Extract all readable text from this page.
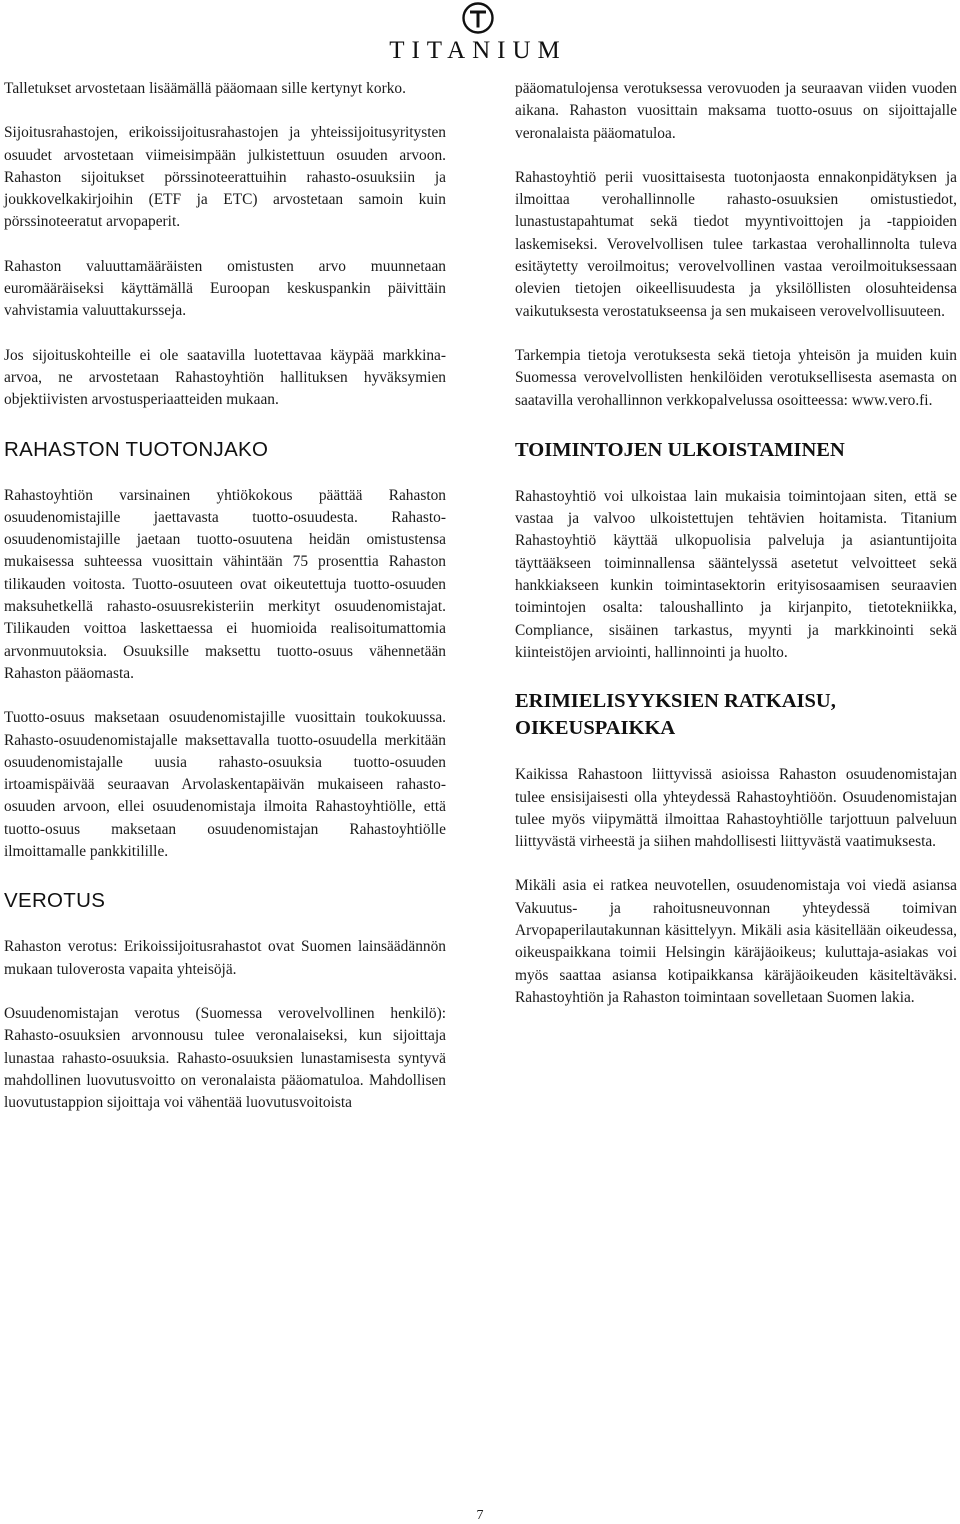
TITANIUM

Talletukset arvostetaan lisäämällä pääomaan sille kertynyt korko.

Sijoitusrahastojen, erikoissijoitusrahastojen ja yhteissijoitusyritysten osuudet arvostetaan viimeisimpään julkistettuun osuuden arvoon. Rahaston sijoitukset pörssinoteerattuihin rahasto-osuuksiin ja joukkovelkakirjoihin (ETF ja ETC) arvostetaan samoin kuin pörssinoteeratut arvopaperit.

Rahaston valuuttamääräisten omistusten arvo muunnetaan euromääräiseksi käyttämällä Euroopan keskuspankin päivittäin vahvistamia valuuttakursseja.

Jos sijoituskohteille ei ole saatavilla luotettavaa käypää markkina-arvoa, ne arvostetaan Rahastoyhtiön hallituksen hyväksymien objektiivisten arvostusperiaatteiden mukaan.

RAHASTON TUOTONJAKO

Rahastoyhtiön varsinainen yhtiökokous päättää Rahaston osuudenomistajille jaettavasta tuotto-osuudesta. Rahasto-osuudenomistajille jaetaan tuotto-osuutena heidän omistustensa mukaisessa suhteessa vuosittain vähintään 75 prosenttia Rahaston tilikauden voitosta. Tuotto-osuuteen ovat oikeutettuja tuotto-osuuden maksuhetkellä rahasto-osuusrekisteriin merkityt osuudenomistajat. Tilikauden voittoa laskettaessa ei huomioida realisoitumattomia arvonmuutoksia. Osuuksille maksettu tuotto-osuus vähennetään Rahaston pääomasta.

Tuotto-osuus maksetaan osuudenomistajille vuosittain toukokuussa. Rahasto-osuudenomistajalle maksettavalla tuotto-osuudella merkitään osuudenomistajalle uusia rahasto-osuuksia tuotto-osuuden irtoamispäivää seuraavan Arvolaskentapäivän mukaiseen rahasto-osuuden arvoon, ellei osuudenomistaja ilmoita Rahastoyhtiölle, että tuotto-osuus maksetaan osuudenomistajan Rahastoyhtiölle ilmoittamalle pankkitilille.

VEROTUS

Rahaston verotus: Erikoissijoitusrahastot ovat Suomen lainsäädännön mukaan tuloverosta vapaita yhteisöjä.

Osuudenomistajan verotus (Suomessa verovelvollinen henkilö): Rahasto-osuuksien arvonnousu tulee veronalaiseksi, kun sijoittaja lunastaa rahasto-osuuksia. Rahasto-osuuksien lunastamisesta syntyvä mahdollinen luovutusvoitto on veronalaista pääomatuloa. Mahdollisen luovutustappion sijoittaja voi vähentää luovutusvoitoista

pääomatulojensa verotuksessa verovuoden ja seuraavan viiden vuoden aikana. Rahaston vuosittain maksama tuotto-osuus on sijoittajalle veronalaista pääomatuloa.

Rahastoyhtiö perii vuosittaisesta tuotonjaosta ennakonpidätyksen ja ilmoittaa verohallinnolle rahasto-osuuksien omistustiedot, lunastustapahtumat sekä tiedot myyntivoittojen ja -tappioiden laskemiseksi. Verovelvollisen tulee tarkastaa verohallinnolta tuleva esitäytetty veroilmoitus; verovelvollinen vastaa veroilmoituksessaan olevien tietojen oikeellisuudesta ja yksilöllisten olosuhteidensa vaikutuksesta verostatukseensa ja sen mukaiseen verovelvollisuuteen.

Tarkempia tietoja verotuksesta sekä tietoja yhteisön ja muiden kuin Suomessa verovelvollisten henkilöiden verotuksellisesta asemasta on saatavilla verohallinnon verkkopalvelussa osoitteessa: www.vero.fi.

TOIMINTOJEN ULKOISTAMINEN

Rahastoyhtiö voi ulkoistaa lain mukaisia toimintojaan siten, että se vastaa ja valvoo ulkoistettujen tehtävien hoitamista. Titanium Rahastoyhtiö käyttää ulkopuolisia palveluja ja asiantuntijoita täyttääkseen toiminnallensa sääntelyssä asetetut velvoitteet sekä hankkiakseen kunkin toimintasektorin erityisosaamisen seuraavien toimintojen osalta: taloushallinto ja kirjanpito, tietotekniikka, Compliance, sisäinen tarkastus, myynti ja markkinointi sekä kiinteistöjen arviointi, hallinnointi ja huolto.

ERIMIELISYYKSIEN RATKAISU, OIKEUSPAIKKA

Kaikissa Rahastoon liittyvissä asioissa Rahaston osuudenomistajan tulee ensisijaisesti olla yhteydessä Rahastoyhtiöön. Osuudenomistajan tulee myös viipymättä ilmoittaa Rahastoyhtiölle tarjottuun palveluun liittyvästä virheestä ja siihen mahdollisesti liittyvästä vaatimuksesta.

Mikäli asia ei ratkea neuvotellen, osuudenomistaja voi viedä asiansa Vakuutus- ja rahoitusneuvonnan yhteydessä toimivan Arvopaperilautakunnan käsittelyyn. Mikäli asia käsitellään oikeudessa, oikeuspaikkana toimii Helsingin käräjäoikeus; kuluttaja-asiakas voi myös saattaa asiansa kotipaikkansa käräjäoikeuden käsiteltäväksi. Rahastoyhtiön ja Rahaston toimintaan sovelletaan Suomen lakia.

7
